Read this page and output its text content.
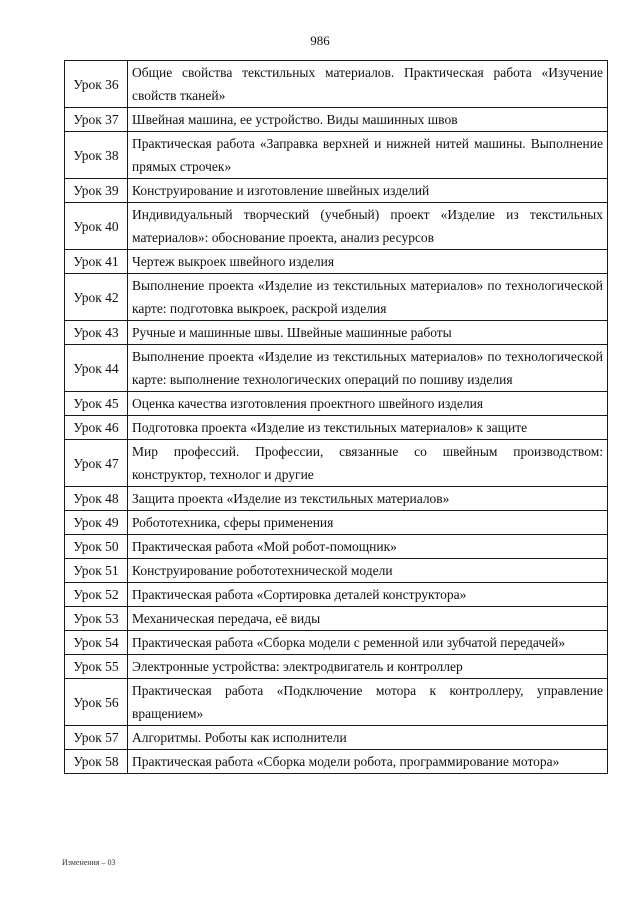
986
Урок 36	Общие свойства текстильных материалов. Практическая работа «Изучение свойств тканей»
Урок 37	Швейная машина, ее устройство. Виды машинных швов
Урок 38	Практическая работа «Заправка верхней и нижней нитей машины. Выполнение прямых строчек»
Урок 39	Конструирование и изготовление швейных изделий
Урок 40	Индивидуальный творческий (учебный) проект «Изделие из текстильных материалов»: обоснование проекта, анализ ресурсов
Урок 41	Чертеж выкроек швейного изделия
Урок 42	Выполнение проекта «Изделие из текстильных материалов» по технологической карте: подготовка выкроек, раскрой изделия
Урок 43	Ручные и машинные швы. Швейные машинные работы
Урок 44	Выполнение проекта «Изделие из текстильных материалов» по технологической карте: выполнение технологических операций по пошиву изделия
Урок 45	Оценка качества изготовления проектного швейного изделия
Урок 46	Подготовка проекта «Изделие из текстильных материалов» к защите
Урок 47	Мир профессий. Профессии, связанные со швейным производством: конструктор, технолог и другие
Урок 48	Защита проекта «Изделие из текстильных материалов»
Урок 49	Робототехника, сферы применения
Урок 50	Практическая работа «Мой робот-помощник»
Урок 51	Конструирование робототехнической модели
Урок 52	Практическая работа «Сортировка деталей конструктора»
Урок 53	Механическая передача, её виды
Урок 54	Практическая работа «Сборка модели с ременной или зубчатой передачей»
Урок 55	Электронные устройства: электродвигатель и контроллер
Урок 56	Практическая работа «Подключение мотора к контроллеру, управление вращением»
Урок 57	Алгоритмы. Роботы как исполнители
Урок 58	Практическая работа «Сборка модели робота, программирование мотора»
Изменения – 03
